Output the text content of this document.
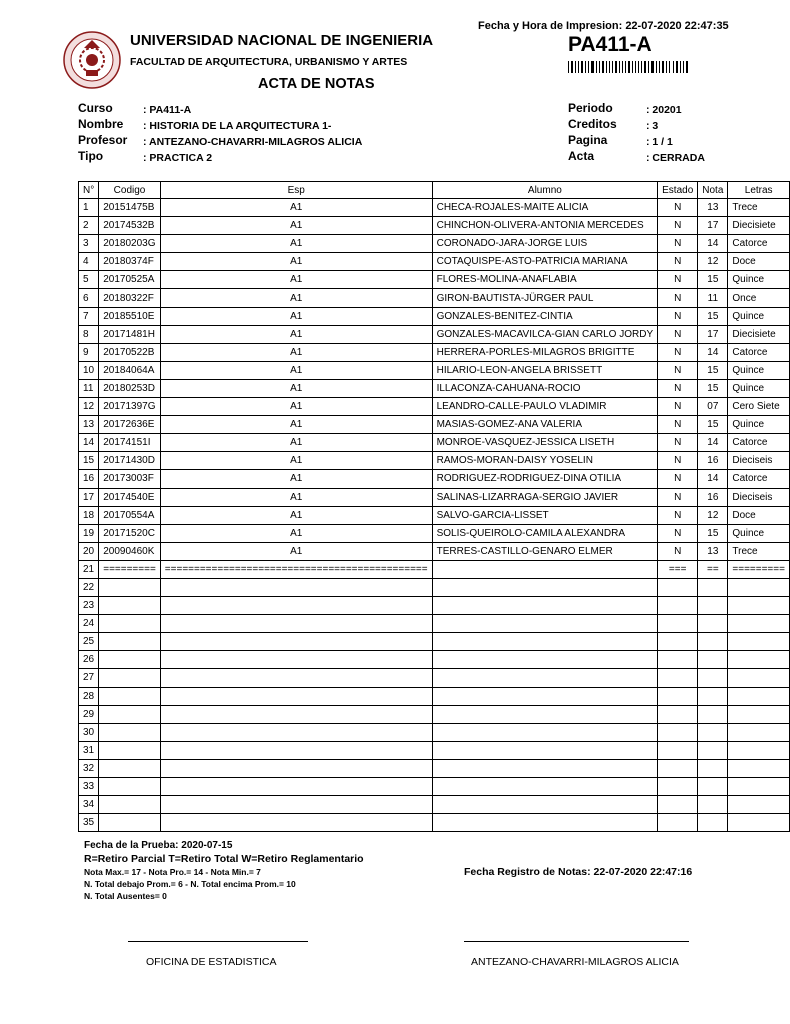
Fecha y Hora de Impresion: 22-07-2020 22:47:35
UNIVERSIDAD NACIONAL DE INGENIERIA
FACULTAD DE ARQUITECTURA, URBANISMO Y ARTES
ACTA DE NOTAS
PA411-A
Curso	: PA411-A
Nombre : HISTORIA DE LA ARQUITECTURA 1-
Profesor : ANTEZANO-CHAVARRI-MILAGROS ALICIA
Tipo	: PRACTICA 2
Periodo	: 20201
Creditos	: 3
Pagina	: 1 / 1
Acta	: CERRADA
N°	Codigo	Esp	Alumno	Estado	Nota	Letras
1	20151475B	A1	CHECA-ROJALES-MAITE ALICIA	N	13	Trece
2	20174532B	A1	CHINCHON-OLIVERA-ANTONIA MERCEDES	N	17	Diecisiete
3	20180203G	A1	CORONADO-JARA-JORGE LUIS	N	14	Catorce
4	20180374F	A1	COTAQUISPE-ASTO-PATRICIA MARIANA	N	12	Doce
5	20170525A	A1	FLORES-MOLINA-ANAFLABIA	N	15	Quince
6	20180322F	A1	GIRON-BAUTISTA-JÜRGER PAUL	N	11	Once
7	20185510E	A1	GONZALES-BENITEZ-CINTIA	N	15	Quince
8	20171481H	A1	GONZALES-MACAVILCA-GIAN CARLO JORDY	N	17	Diecisiete
9	20170522B	A1	HERRERA-PORLES-MILAGROS BRIGITTE	N	14	Catorce
10	20184064A	A1	HILARIO-LEON-ANGELA BRISSETT	N	15	Quince
11	20180253D	A1	ILLACONZA-CAHUANA-ROCIO	N	15	Quince
12	20171397G	A1	LEANDRO-CALLE-PAULO VLADIMIR	N	07	Cero Siete
13	20172636E	A1	MASIAS-GOMEZ-ANA VALERIA	N	15	Quince
14	20174151I	A1	MONROE-VASQUEZ-JESSICA LISETH	N	14	Catorce
15	20171430D	A1	RAMOS-MORAN-DAISY YOSELIN	N	16	Dieciseis
16	20173003F	A1	RODRIGUEZ-RODRIGUEZ-DINA OTILIA	N	14	Catorce
17	20174540E	A1	SALINAS-LIZARRAGA-SERGIO JAVIER	N	16	Dieciseis
18	20170554A	A1	SALVO-GARCIA-LISSET	N	12	Doce
19	20171520C	A1	SOLIS-QUEIROLO-CAMILA ALEXANDRA	N	15	Quince
20	20090460K	A1	TERRES-CASTILLO-GENARO ELMER	N	13	Trece
21	=========	=============================================		===	==	=========
22						
23						
24						
25						
26						
27						
28						
29						
30						
31						
32						
33						
34						
35						
Fecha de la Prueba: 2020-07-15
R=Retiro Parcial T=Retiro Total W=Retiro Reglamentario
Nota Max.= 17 - Nota Pro.= 14 - Nota Min.= 7
N. Total debajo Prom.= 6 - N. Total encima Prom.= 10
N. Total Ausentes= 0
Fecha Registro de Notas: 22-07-2020 22:47:16
OFICINA DE ESTADISTICA	ANTEZANO-CHAVARRI-MILAGROS ALICIA
